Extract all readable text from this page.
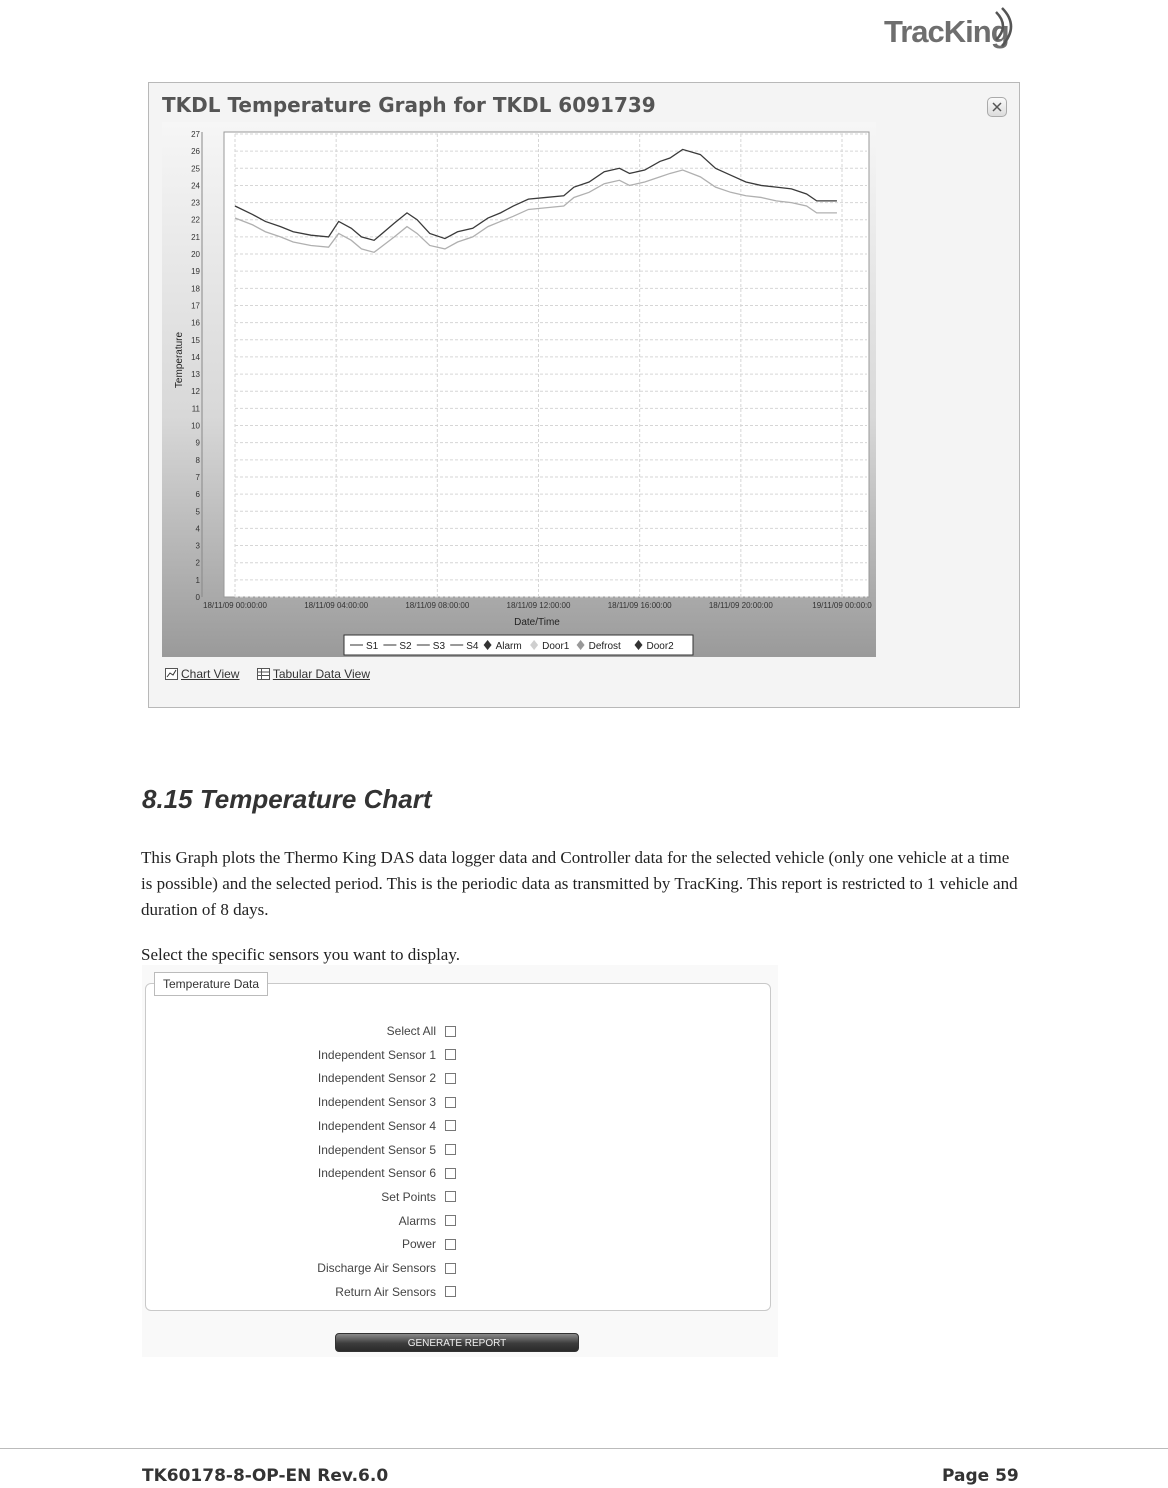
TracKing
TKDL Temperature Graph for TKDL 6091739
0
1
2
3
4
5
6
7
8
9
10
11
12
13
14
15
16
17
18
19
20
21
22
23
24
25
26
27
18/11/09 00:00:00	18/11/09 04:00:00	18/11/09 08:00:00	18/11/09 12:00:00	18/11/09 16:00:00	18/11/09 20:00:00	19/11/09 00:00:0
Date/Time
Temperature
S1 S2 S3 S4 Alarm Door1 Defrost	Door2
Chart View
	Tabular Data View
8.15 Temperature Chart

This Graph plots the Thermo King DAS data logger data and Controller data for the selected vehicle (only one vehicle at a time is possible) and the selected period. This is the periodic data as transmitted by TracKing. This report is restricted to 1 vehicle and duration of 8 days.

Select the specific sensors you want to display.

Select All
Independent Sensor 1
Independent Sensor 2
Independent Sensor 3
Independent Sensor 4
Independent Sensor 5
Independent Sensor 6
Set Points
Alarms
Power
Discharge Air Sensors
Return Air Sensors
Temperature Data
GENERATE REPORT
TK60178-8-OP-EN Rev.6.0	Page 59
